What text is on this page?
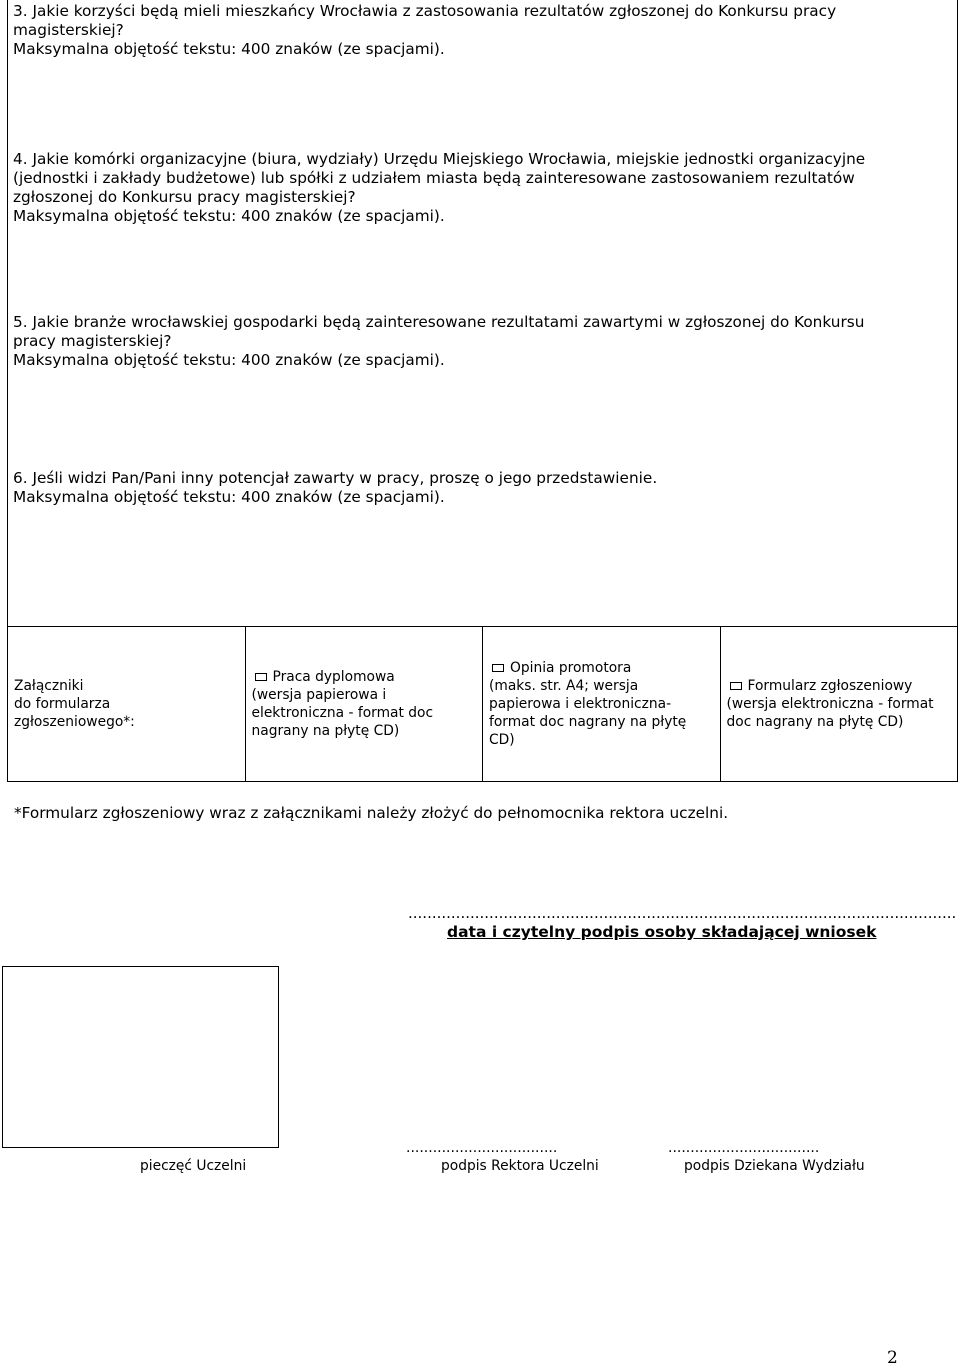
3. Jakie korzyści będą mieli mieszkańcy Wrocławia z zastosowania rezultatów zgłoszonej do Konkursu pracy

magisterskiej?

Maksymalna objętość tekstu: 400 znaków (ze spacjami).

4. Jakie komórki organizacyjne (biura, wydziały) Urzędu Miejskiego Wrocławia, miejskie jednostki organizacyjne

(jednostki i zakłady budżetowe) lub spółki z udziałem miasta będą zainteresowane zastosowaniem rezultatów

zgłoszonej do Konkursu pracy magisterskiej?

Maksymalna objętość tekstu: 400 znaków (ze spacjami).

5. Jakie branże wrocławskiej gospodarki będą zainteresowane rezultatami zawartymi w zgłoszonej do Konkursu

pracy magisterskiej?

Maksymalna objętość tekstu: 400 znaków (ze spacjami).

6. Jeśli widzi Pan/Pani inny potencjał zawarty w pracy, proszę o jego przedstawienie.

Maksymalna objętość tekstu: 400 znaków (ze spacjami).

Załączniki
do formularza
zgłoszeniowego*:
Praca dyplomowa
(wersja papierowa i
elektroniczna - format doc
nagrany na płytę CD)
Opinia promotora
(maks. str. A4; wersja
papierowa i elektroniczna-
format doc nagrany na płytę
CD)
Formularz zgłoszeniowy
(wersja elektroniczna - format
doc nagrany na płytę CD)
*Formularz zgłoszeniowy wraz z załącznikami należy złożyć do pełnomocnika rektora uczelni.
...................................................................................................................
data i czytelny podpis osoby składającej wniosek
pieczęć Uczelni
..................................
podpis Rektora Uczelni
..................................
podpis Dziekana Wydziału
2
